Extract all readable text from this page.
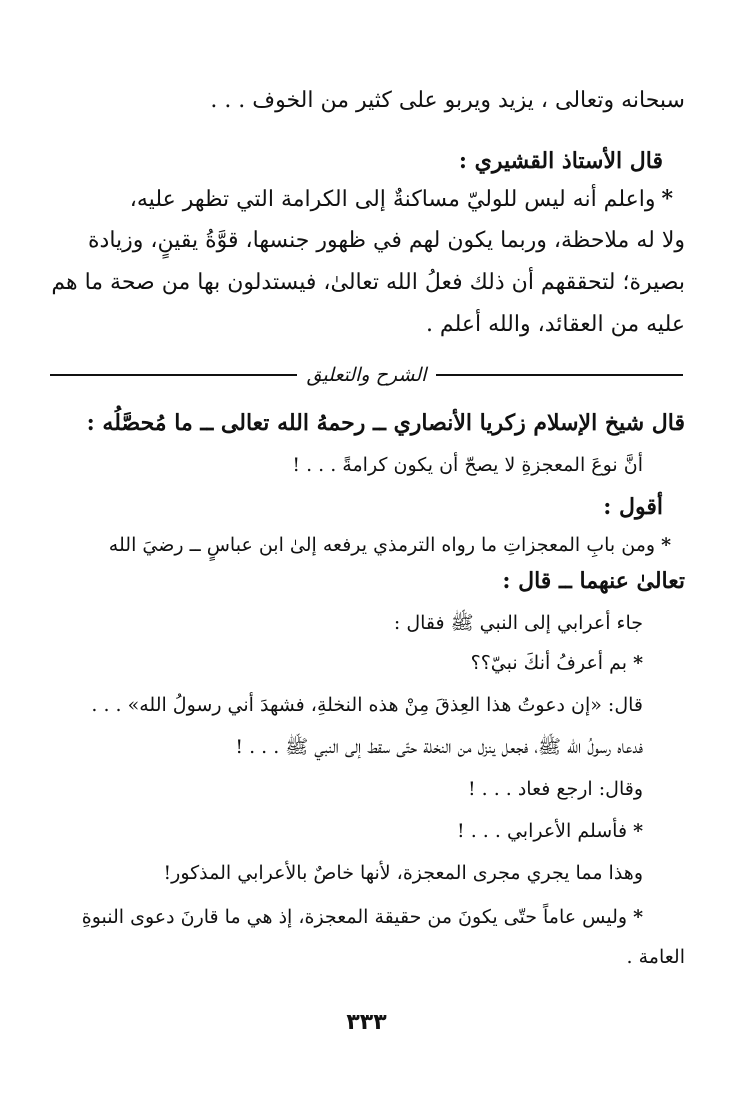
سبحانه وتعالى ، يزيد ويربو على كثير من الخوف . . .
قال الأستاذ القشيري :
*واعلم أنه ليس للوليّ مساكنةٌ إلى الكرامة التي تظهر عليه،
ولا له ملاحظة، وربما يكون لهم في ظهور جنسها، قوَّةُ يقينٍ، وزيادة
بصيرة؛ لتحققهم أن ذلك فعلُ الله تعالىٰ، فيستدلون بها من صحة ما هم
عليه من العقائد، والله أعلم .
الشرح والتعليق
قال شيخ الإسلام زكريا الأنصاري ــ رحمهُ الله تعالى ــ ما مُحصَّلُه :
أنَّ نوعَ المعجزةِ لا يصحّ أن يكون كرامةً . . . !
أقول :
*ومن بابِ المعجزاتِ ما رواه الترمذي يرفعه إلىٰ ابن عباسٍ ــ رضيَ الله
تعالىٰ عنهما ــ قال :
جاء أعرابي إلى النبي ﷺ فقال :
*بم أعرفُ أنكَ نبيّ؟؟
قال: «إن دعوتُ هذا العِذقَ مِنْ هذه النخلةِ، فشهدَ أني رسولُ الله» . . .
فدعاه رسولُ الله ﷺ، فجعل ينزل من النخلة حتّى سقط إلى النبي ﷺ . . . !
وقال: ارجع فعاد . . . !
*فأسلم الأعرابي . . . !
وهذا مما يجري مجرى المعجزة، لأنها خاصٌ بالأعرابي المذكور!
*وليس عاماً حتّى يكونَ من حقيقة المعجزة، إذ هي ما قارنَ دعوى النبوةِ
العامة .
٣٣٣
